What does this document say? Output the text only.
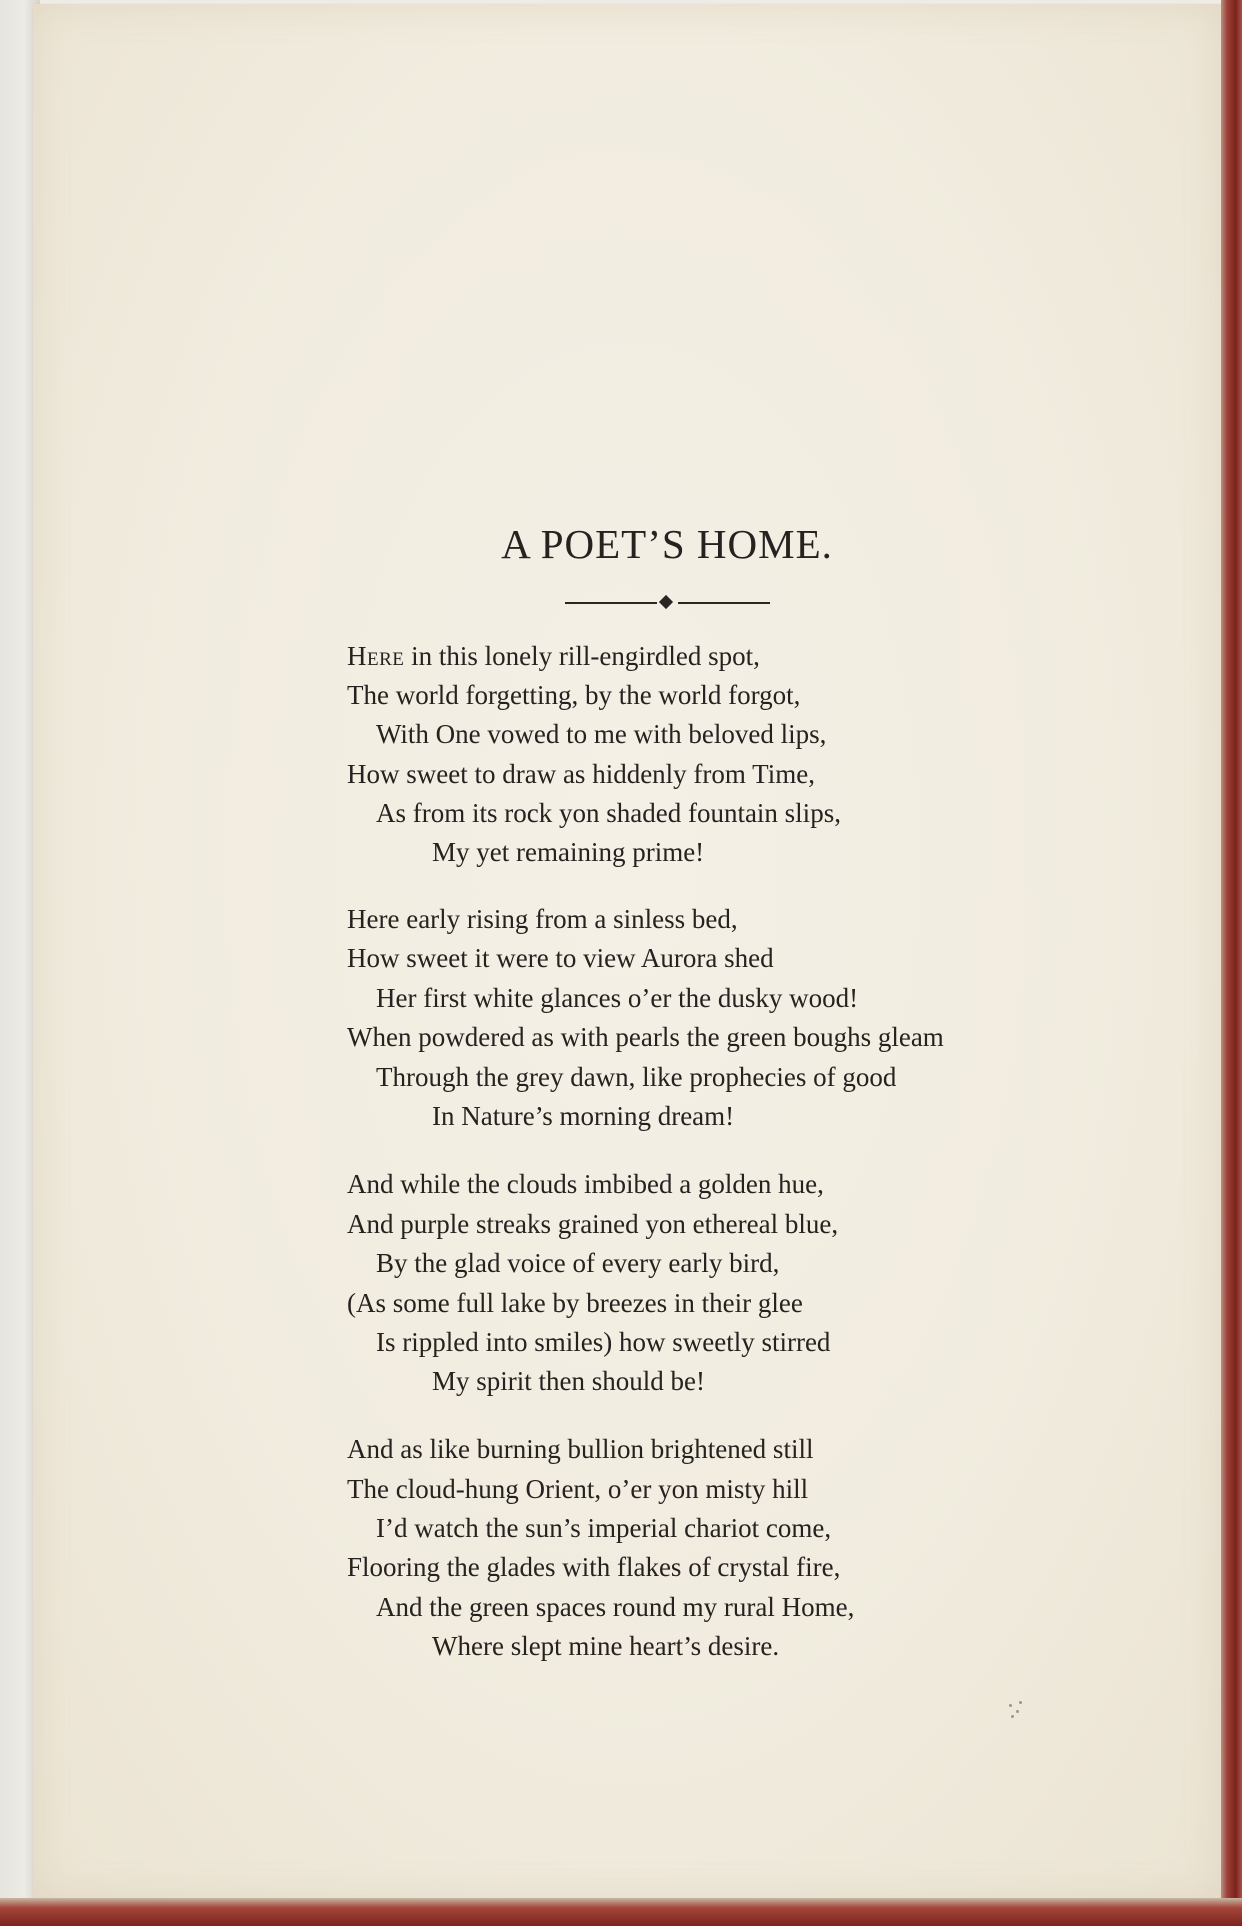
A POET’S HOME.
Here in this lonely rill-engirdled spot,
The world forgetting, by the world forgot,
With One vowed to me with beloved lips,
How sweet to draw as hiddenly from Time,
As from its rock yon shaded fountain slips,
My yet remaining prime!
Here early rising from a sinless bed,
How sweet it were to view Aurora shed
Her first white glances o’er the dusky wood!
When powdered as with pearls the green boughs gleam
Through the grey dawn, like prophecies of good
In Nature’s morning dream!
And while the clouds imbibed a golden hue,
And purple streaks grained yon ethereal blue,
By the glad voice of every early bird,
(As some full lake by breezes in their glee
Is rippled into smiles) how sweetly stirred
My spirit then should be!
And as like burning bullion brightened still
The cloud-hung Orient, o’er yon misty hill
I’d watch the sun’s imperial chariot come,
Flooring the glades with flakes of crystal fire,
And the green spaces round my rural Home,
Where slept mine heart’s desire.
